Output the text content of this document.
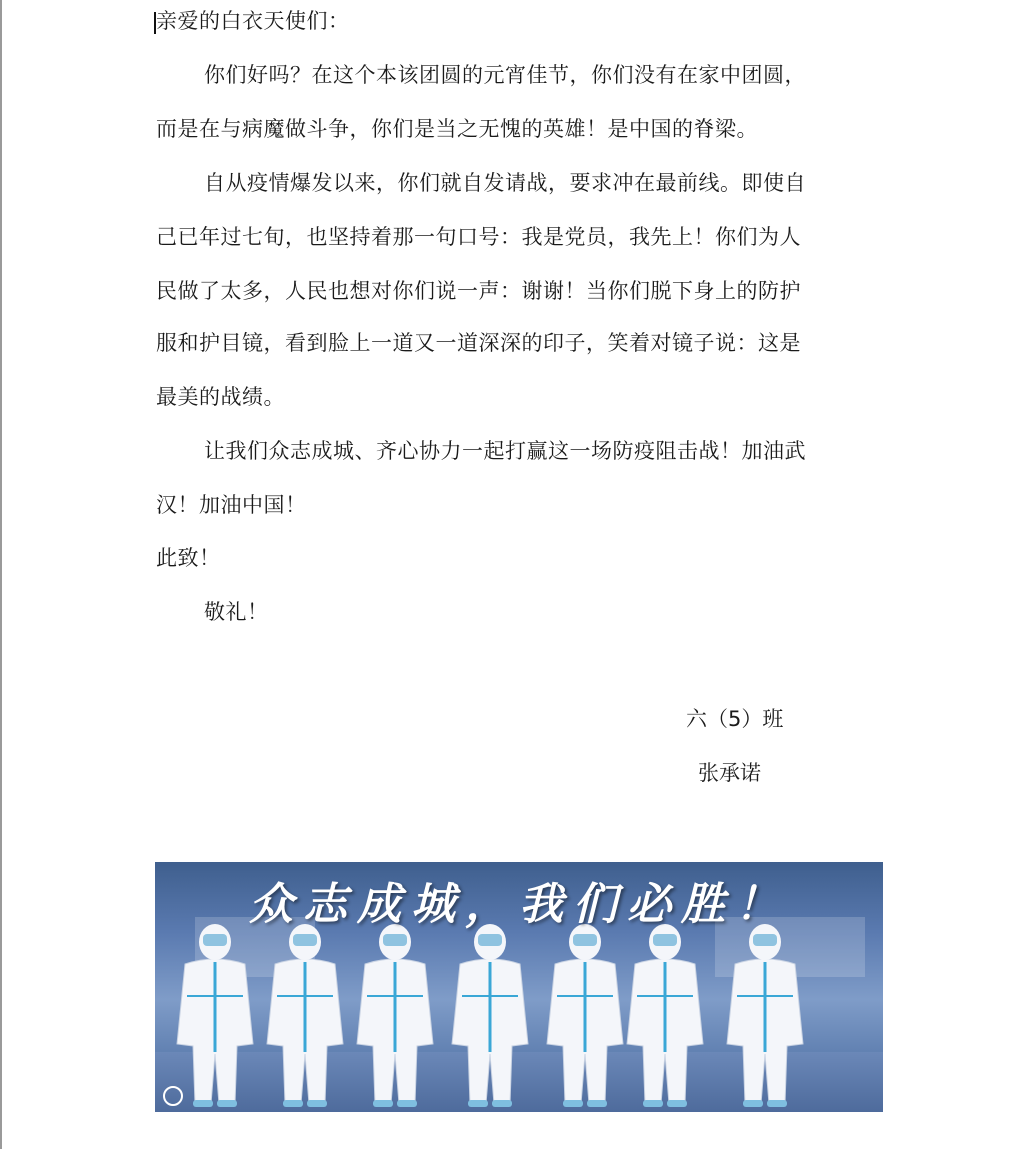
亲爱的白衣天使们：
你们好吗？在这个本该团圆的元宵佳节，你们没有在家中团圆，
而是在与病魔做斗争，你们是当之无愧的英雄！是中国的脊梁。
自从疫情爆发以来，你们就自发请战，要求冲在最前线。即使自
己已年过七旬，也坚持着那一句口号：我是党员，我先上！你们为人
民做了太多，人民也想对你们说一声：谢谢！当你们脱下身上的防护
服和护目镜，看到脸上一道又一道深深的印子，笑着对镜子说：这是
最美的战绩。
让我们众志成城、齐心协力一起打赢这一场防疫阻击战！加油武
汉！加油中国！
此致！
敬礼！
六（5）班
张承诺
众志成城，我们必胜！
